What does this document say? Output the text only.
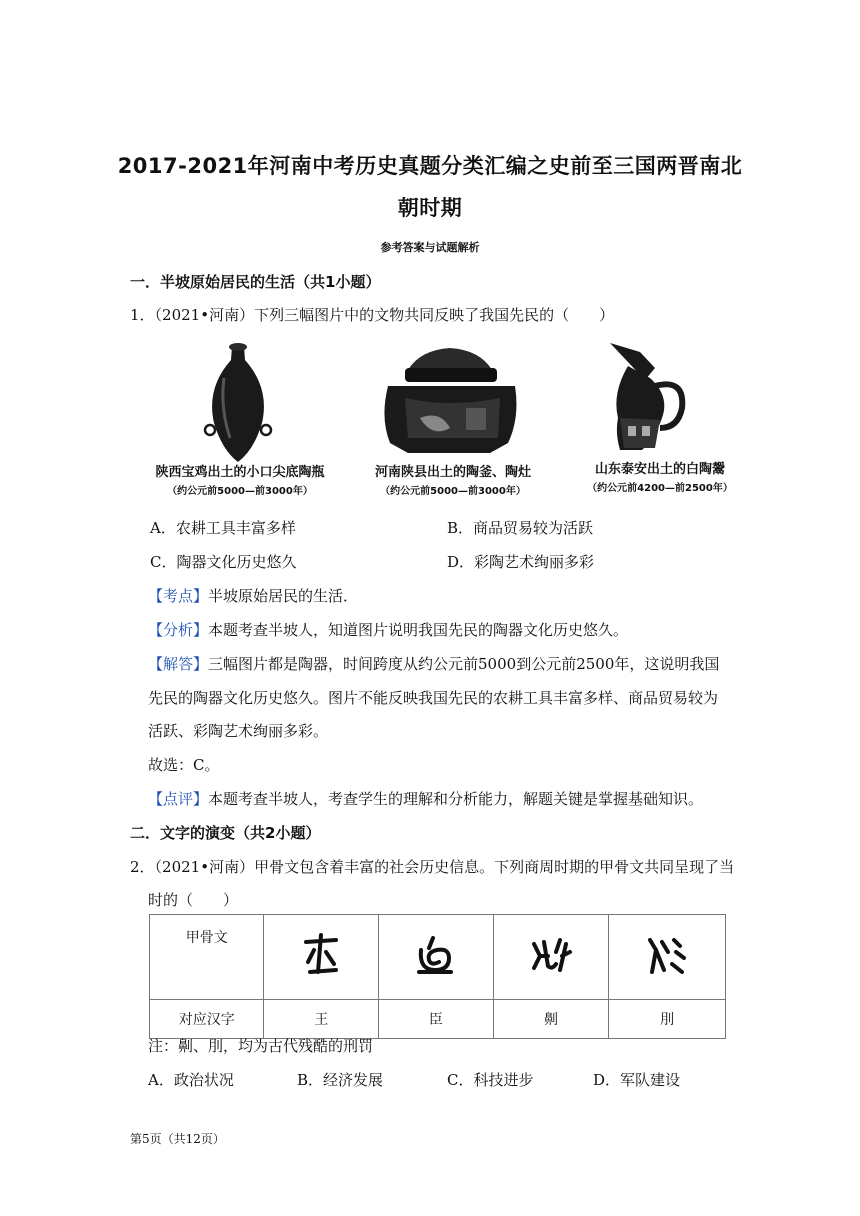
2017-2021年河南中考历史真题分类汇编之史前至三国两晋南北
朝时期
参考答案与试题解析
一．半坡原始居民的生活（共1小题）
1．（2021•河南）下列三幅图片中的文物共同反映了我国先民的（　　）
陕西宝鸡出土的小口尖底陶瓶
（约公元前5000—前3000年）
河南陕县出土的陶釜、陶灶
（约公元前5000—前3000年）
山东泰安出土的白陶鬶
（约公元前4200—前2500年）
A．农耕工具丰富多样	B．商品贸易较为活跃
C．陶器文化历史悠久	D．彩陶艺术绚丽多彩
【考点】半坡原始居民的生活．
【分析】本题考查半坡人，知道图片说明我国先民的陶器文化历史悠久。
【解答】三幅图片都是陶器，时间跨度从约公元前5000到公元前2500年，这说明我国
先民的陶器文化历史悠久。图片不能反映我国先民的农耕工具丰富多样、商品贸易较为
活跃、彩陶艺术绚丽多彩。
故选：C。
【点评】本题考查半坡人，考查学生的理解和分析能力，解题关键是掌握基础知识。
二．文字的演变（共2小题）
2．（2021•河南）甲骨文包含着丰富的社会历史信息。下列商周时期的甲骨文共同呈现了当
时的（　　）
甲骨文				
对应汉字	王	臣	劓	刖
注：劓、刖，均为古代残酷的刑罚
A．政治状况	B．经济发展	C．科技进步	D．军队建设
第5页（共12页）
